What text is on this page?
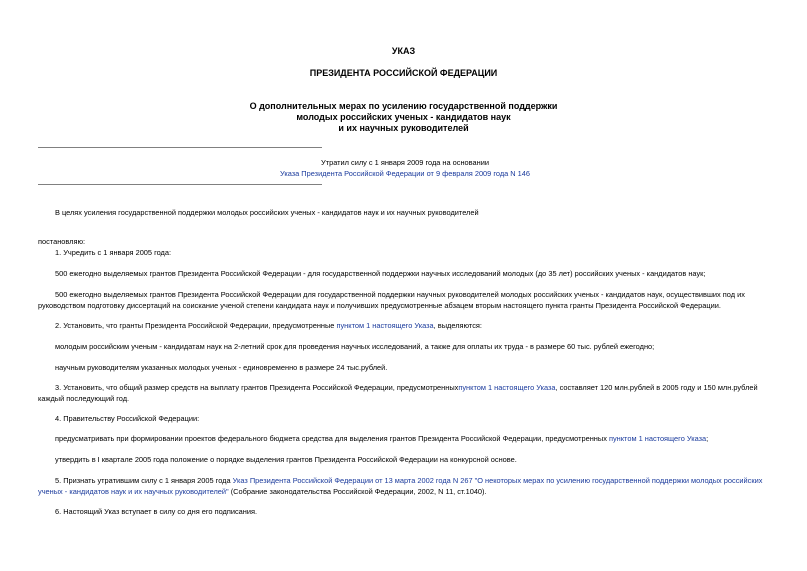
УКАЗ
ПРЕЗИДЕНТА РОССИЙСКОЙ ФЕДЕРАЦИИ
О дополнительных мерах по усилению государственной поддержки
молодых российских ученых - кандидатов наук
и их научных руководителей
Утратил силу с 1 января 2009 года на основании
Указа Президента Российской Федерации от 9 февраля 2009 года N 146
В целях усиления государственной поддержки молодых российских ученых - кандидатов наук и их научных руководителей
постановляю:
1. Учредить с 1 января 2005 года:
500 ежегодно выделяемых грантов Президента Российской Федерации - для государственной поддержки научных исследований молодых (до 35 лет) российских ученых - кандидатов наук;
500 ежегодно выделяемых грантов Президента Российской Федерации для государственной поддержки научных руководителей молодых российских ученых - кандидатов наук, осуществивших под их руководством подготовку диссертаций на соискание ученой степени кандидата наук и получивших предусмотренные абзацем вторым настоящего пункта гранты Президента Российской Федерации.
2. Установить, что гранты Президента Российской Федерации, предусмотренные пунктом 1 настоящего Указа, выделяются:
молодым российским ученым - кандидатам наук на 2-летний срок для проведения научных исследований, а также для оплаты их труда - в размере 60 тыс. рублей ежегодно;
научным руководителям указанных молодых ученых - единовременно в размере 24 тыс.рублей.
3. Установить, что общий размер средств на выплату грантов Президента Российской Федерации, предусмотренныхпунктом 1 настоящего Указа, составляет 120 млн.рублей в 2005 году и 150 млн.рублей каждый последующий год.
4. Правительству Российской Федерации:
предусматривать при формировании проектов федерального бюджета средства для выделения грантов Президента Российской Федерации, предусмотренных пунктом 1 настоящего Указа;
утвердить в I квартале 2005 года положение о порядке выделения грантов Президента Российской Федерации на конкурсной основе.
5. Признать утратившим силу с 1 января 2005 года Указ Президента Российской Федерации от 13 марта 2002 года N 267 "О некоторых мерах по усилению государственной поддержки молодых российских ученых - кандидатов наук и их научных руководителей" (Собрание законодательства Российской Федерации, 2002, N 11, ст.1040).
6. Настоящий Указ вступает в силу со дня его подписания.
